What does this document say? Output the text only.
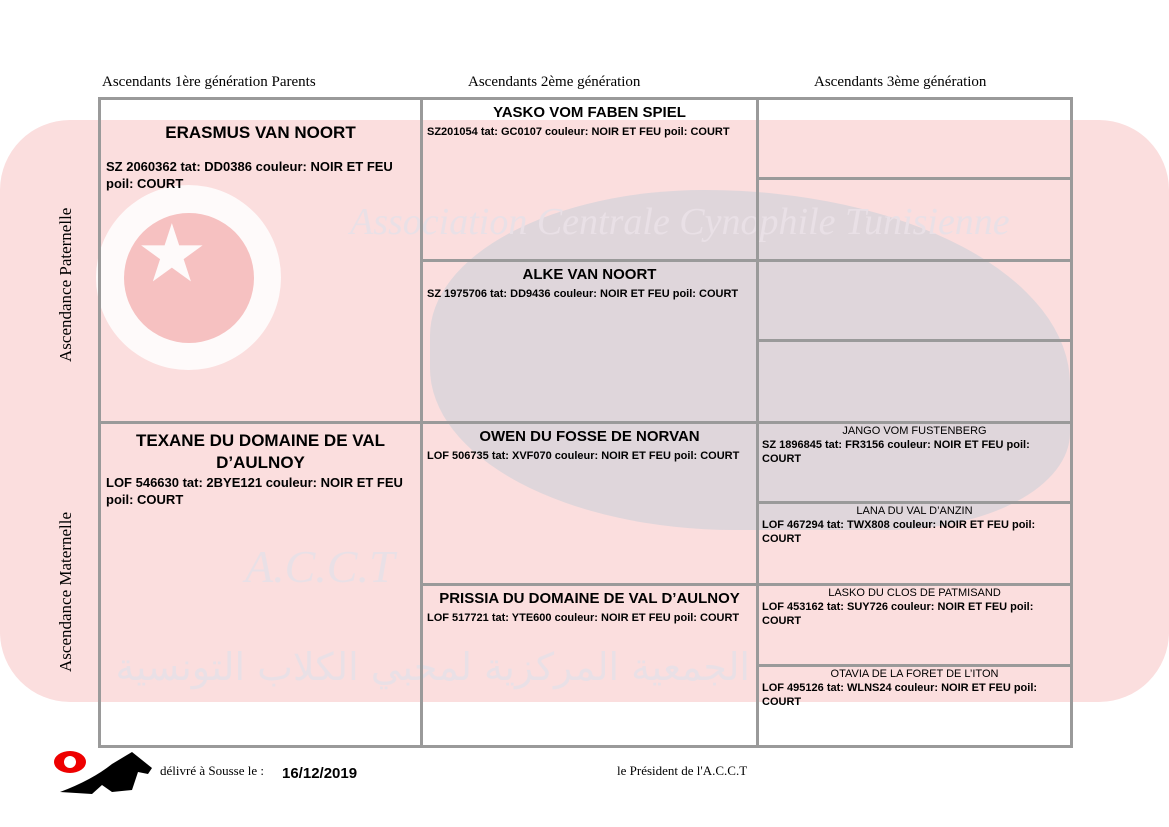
★	Association Centrale Cynophile Tunisienne
A.C.C.T
الجمعية المركزية لمحبي الكلاب التونسية
Ascendants 1ère génération Parents	Ascendants 2ème génération	Ascendants 3ème génération
Ascendance Paternelle
Ascendance Maternelle
ERASMUS VAN NOORT
SZ 2060362 tat: DD0386 couleur: NOIR ET FEU poil: COURT
TEXANE DU DOMAINE DE VAL D’AULNOY
LOF 546630 tat: 2BYE121 couleur: NOIR ET FEU poil: COURT
YASKO VOM FABEN SPIEL
SZ201054 tat: GC0107 couleur: NOIR ET FEU poil: COURT
ALKE VAN NOORT
SZ 1975706 tat: DD9436 couleur: NOIR ET FEU poil: COURT
OWEN DU FOSSE DE NORVAN
LOF 506735 tat: XVF070 couleur: NOIR ET FEU poil: COURT
PRISSIA DU DOMAINE DE VAL D’AULNOY
LOF 517721 tat: YTE600 couleur: NOIR ET FEU poil: COURT
JANGO VOM FUSTENBERG
SZ 1896845 tat: FR3156 couleur: NOIR ET FEU poil: COURT
LANA DU VAL D’ANZIN
LOF 467294 tat: TWX808 couleur: NOIR ET FEU poil: COURT
LASKO DU CLOS DE PATMISAND
LOF 453162 tat: SUY726 couleur: NOIR ET FEU poil: COURT
OTAVIA DE LA FORET DE L’ITON
LOF 495126 tat: WLNS24 couleur: NOIR ET FEU poil: COURT
délivré à Sousse le : 16/12/2019	le Président de l'A.C.C.T
